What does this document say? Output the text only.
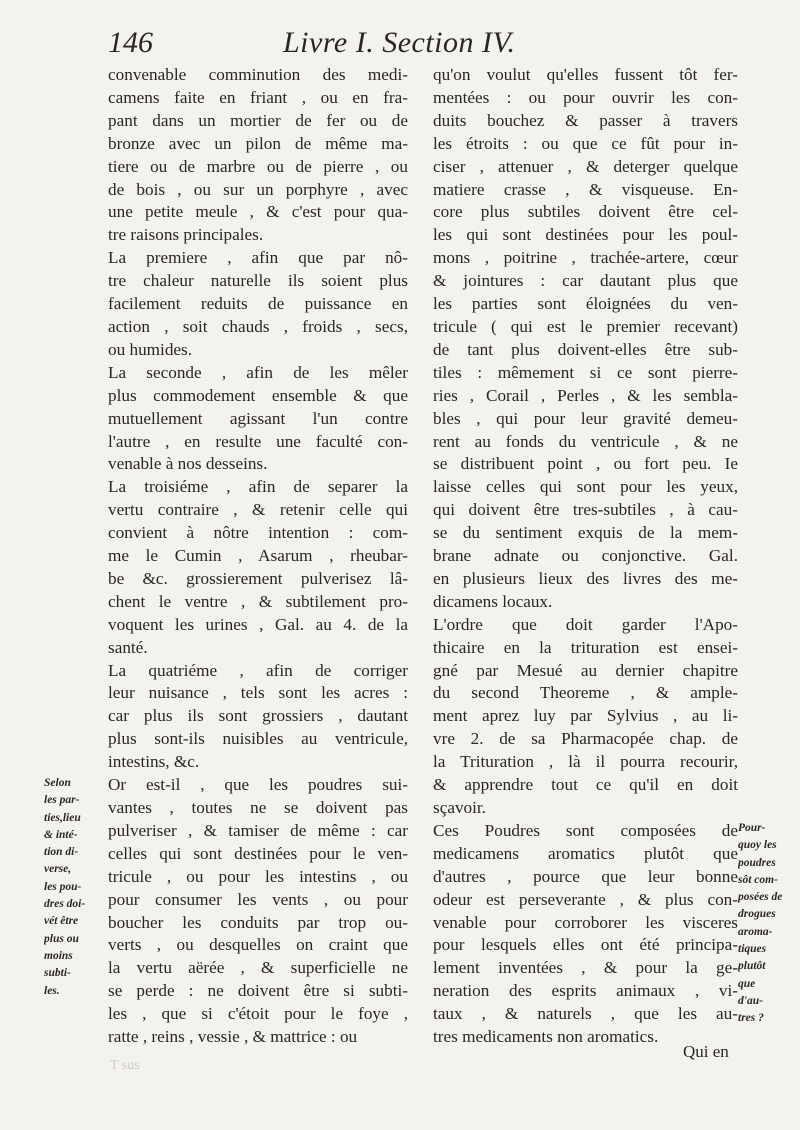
146	Livre I. Section IV.
convenable comminution des medi-
camens faite en friant , ou en fra-
pant dans un mortier de fer ou de
bronze avec un pilon de même ma-
tiere ou de marbre ou de pierre , ou
de bois , ou sur un porphyre , avec
une petite meule , & c'est pour qua-
tre raisons principales.
La premiere , afin que par nô-
tre chaleur naturelle ils soient plus
facilement reduits de puissance en
action , soit chauds , froids , secs,
ou humides.
La seconde , afin de les mêler
plus commodement ensemble & que
mutuellement agissant l'un contre
l'autre , en resulte une faculté con-
venable à nos desseins.
La troisiéme , afin de separer la
vertu contraire , & retenir celle qui
convient à nôtre intention : com-
me le Cumin , Asarum , rheubar-
be &c. grossierement pulverisez lâ-
chent le ventre , & subtilement pro-
voquent les urines , Gal. au 4. de la
santé.
La quatriéme , afin de corriger
leur nuisance , tels sont les acres :
car plus ils sont grossiers , dautant
plus sont-ils nuisibles au ventricule,
intestins, &c.
Or est-il , que les poudres sui-
vantes , toutes ne se doivent pas
pulveriser , & tamiser de même : car
celles qui sont destinées pour le ven-
tricule , ou pour les intestins , ou
pour consumer les vents , ou pour
boucher les conduits par trop ou-
verts , ou desquelles on craint que
la vertu aërée , & superficielle ne
se perde : ne doivent être si subti-
les , que si c'étoit pour le foye ,
ratte , reins , vessie , & mattrice : ou
qu'on voulut qu'elles fussent tôt fer-
mentées : ou pour ouvrir les con-
duits bouchez & passer à travers
les étroits : ou que ce fût pour in-
ciser , attenuer , & deterger quelque
matiere crasse , & visqueuse. En-
core plus subtiles doivent être cel-
les qui sont destinées pour les poul-
mons , poitrine , trachée-artere, cœur
& jointures : car dautant plus que
les parties sont éloignées du ven-
tricule ( qui est le premier recevant)
de tant plus doivent-elles être sub-
tiles : mêmement si ce sont pierre-
ries , Corail , Perles , & les sembla-
bles , qui pour leur gravité demeu-
rent au fonds du ventricule , & ne
se distribuent point , ou fort peu. Ie
laisse celles qui sont pour les yeux,
qui doivent être tres-subtiles , à cau-
se du sentiment exquis de la mem-
brane adnate ou conjonctive. Gal.
en plusieurs lieux des livres des me-
dicamens locaux.
L'ordre que doit garder l'Apo-
thicaire en la trituration est ensei-
gné par Mesué au dernier chapitre
du second Theoreme , & ample-
ment aprez luy par Sylvius , au li-
vre 2. de sa Pharmacopée chap. de
la Trituration , là il pourra recourir,
& apprendre tout ce qu'il en doit
sçavoir.
Ces Poudres sont composées de
medicamens aromatics plutôt que
d'autres , pource que leur bonne
odeur est perseverante , & plus con-
venable pour corroborer les visceres
pour lesquels elles ont été principa-
lement inventées , & pour la ge-
neration des esprits animaux , vi-
taux , & naturels , que les au-
tres medicaments non aromatics.
Selon
les par-
ties,lieu
& inté-
tion di-
verse,
les pou-
dres doi-
vét être
plus ou
moins
subti-
les.
Pour-
quoy les
poudres
sôt com-
posées de
drogues
aroma-
tiques
plutôt
que
d'au-
tres ?
Qui en
T sus
